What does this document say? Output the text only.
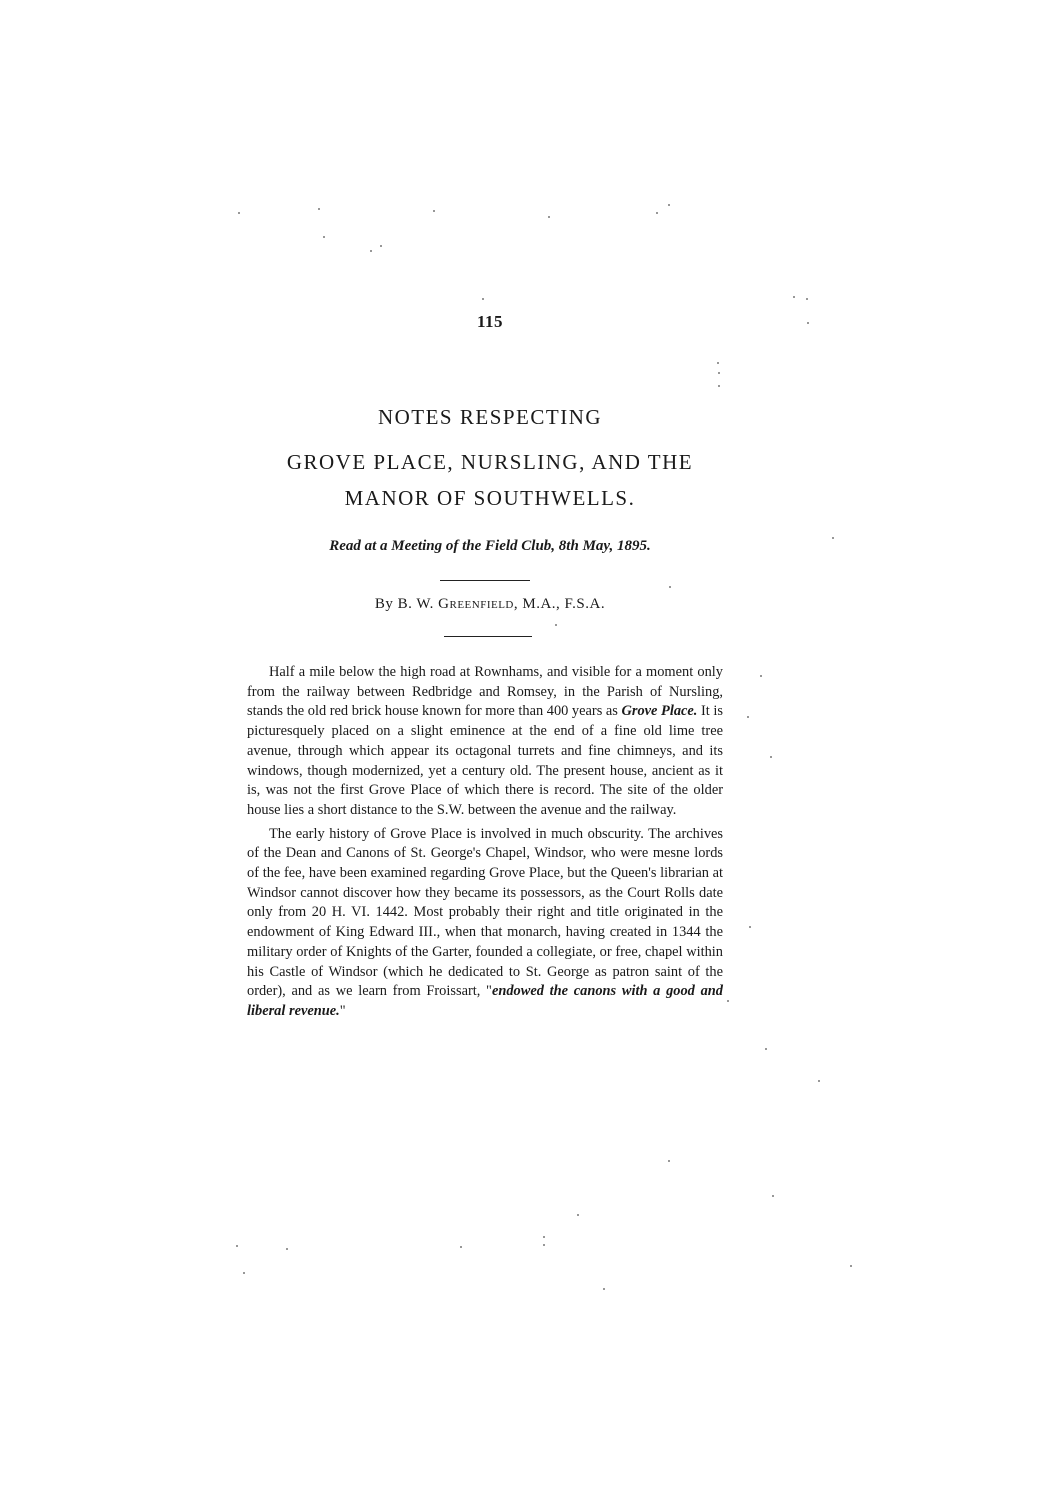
115
NOTES RESPECTING
GROVE PLACE, NURSLING, AND THE
MANOR OF SOUTHWELLS.
Read at a Meeting of the Field Club, 8th May, 1895.
By B. W. Greenfield, M.A., F.S.A.

Half a mile below the high road at Rownhams, and visible for a moment only from the railway between Redbridge and Romsey, in the Parish of Nursling, stands the old red brick house known for more than 400 years as Grove Place. It is picturesquely placed on a slight eminence at the end of a fine old lime tree avenue, through which appear its octagonal turrets and fine chimneys, and its windows, though modernized, yet a century old. The present house, ancient as it is, was not the first Grove Place of which there is record. The site of the older house lies a short distance to the S.W. between the avenue and the railway.

The early history of Grove Place is involved in much obscurity. The archives of the Dean and Canons of St. George's Chapel, Windsor, who were mesne lords of the fee, have been examined regarding Grove Place, but the Queen's librarian at Windsor cannot discover how they became its possessors, as the Court Rolls date only from 20 H. VI. 1442. Most probably their right and title originated in the endowment of King Edward III., when that monarch, having created in 1344 the military order of Knights of the Garter, founded a collegiate, or free, chapel within his Castle of Windsor (which he dedicated to St. George as patron saint of the order), and as we learn from Froissart, "endowed the canons with a good and liberal revenue."
